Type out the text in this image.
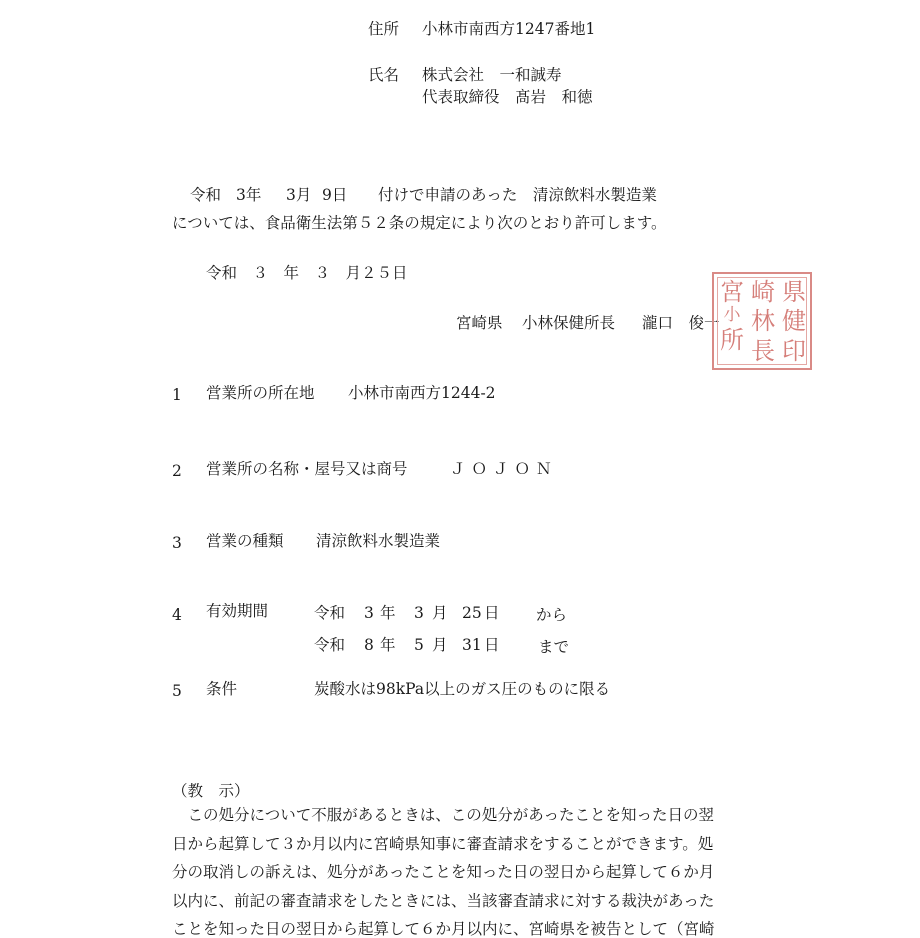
住所 小林市南西方1247番地1
氏名 株式会社　一和誠寿
代表取締役　髙岩　和徳
令和 3年 3月 9日 付けで申請のあった　清涼飲料水製造業
については、食品衛生法第５２条の規定により次のとおり許可します。
令和　３　年　３　月２５日
宮崎県 小林保健所長 瀧口　俊一
宮
小
所
崎
林
長
県
健
印
1 営業所の所在地 小林市南西方1244-2
2 営業所の名称・屋号又は商号	ＪＯＪＯＮ
3 営業の種類 清涼飲料水製造業
4 有効期間	令和 3 年 3 月 25 日 から
令和 8 年 5 月 31 日 まで
5 条件	炭酸水は98kPa以上のガス圧のものに限る
（教　示）
　この処分について不服があるときは、この処分があったことを知った日の翌
日から起算して３か月以内に宮崎県知事に審査請求をすることができます。処
分の取消しの訴えは、処分があったことを知った日の翌日から起算して６か月
以内に、前記の審査請求をしたときには、当該審査請求に対する裁決があった
ことを知った日の翌日から起算して６か月以内に、宮崎県を被告として（宮崎
